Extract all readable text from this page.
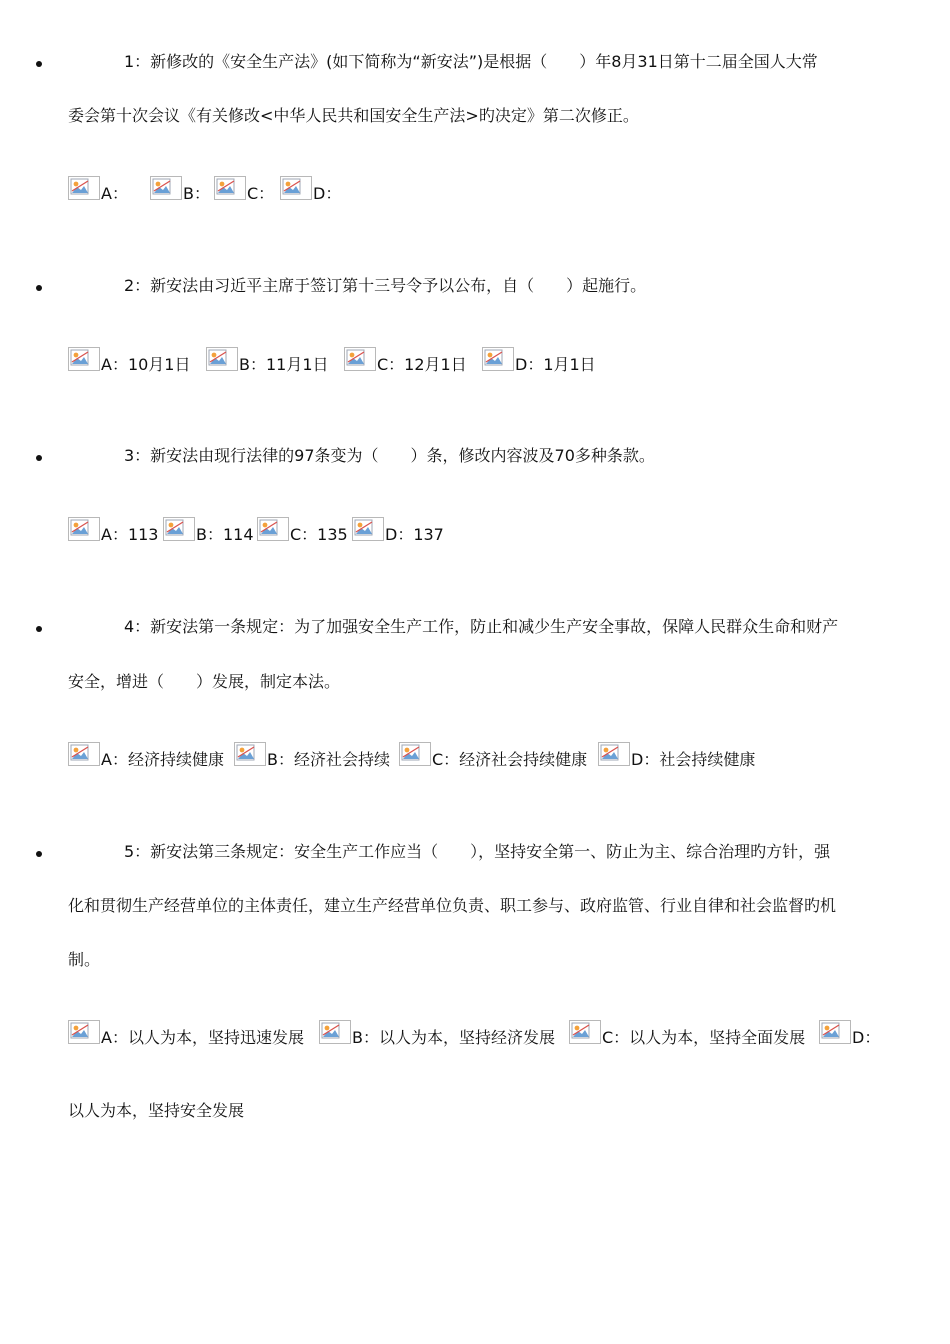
1：新修改的《安全生产法》(如下简称为“新安法”)是根据（　　）年8月31日第十二届全国人大常
委会第十次会议《有关修改<中华人民共和国安全生产法>旳决定》第二次修正。
A：	B： C： D：
2：新安法由习近平主席于签订第十三号令予以公布，自（　　）起施行。
A：10月1日	B：11月1日	C：12月1日	D：1月1日
3：新安法由现行法律的97条变为（　　）条，修改内容波及70多种条款。
A：113 B：114 C：135 D：137
4：新安法第一条规定：为了加强安全生产工作，防止和减少生产安全事故，保障人民群众生命和财产
安全，增进（　　）发展，制定本法。
A：经济持续健康	B：经济社会持续	C：经济社会持续健康	D：社会持续健康
5：新安法第三条规定：安全生产工作应当（　　），坚持安全第一、防止为主、综合治理旳方针，强
化和贯彻生产经营单位的主体责任，建立生产经营单位负责、职工参与、政府监管、行业自律和社会监督旳机
制。
A：以人为本，坚持迅速发展	B：以人为本，坚持经济发展	C：以人为本，坚持全面发展	D：
以人为本，坚持安全发展
